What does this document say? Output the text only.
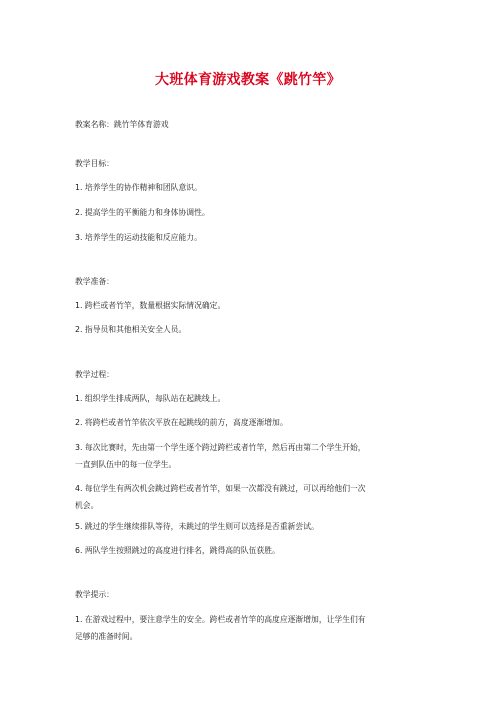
大班体育游戏教案《跳竹竿》
教案名称：跳竹竿体育游戏
教学目标：
1. 培养学生的协作精神和团队意识。
2. 提高学生的平衡能力和身体协调性。
3. 培养学生的运动技能和反应能力。
教学准备：
1. 跨栏或者竹竿，数量根据实际情况确定。
2. 指导员和其他相关安全人员。
教学过程：
1. 组织学生排成两队，每队站在起跳线上。
2. 将跨栏或者竹竿依次平放在起跳线的前方，高度逐渐增加。
3. 每次比赛时，先由第一个学生逐个跨过跨栏或者竹竿，然后再由第二个学生开始，
一直到队伍中的每一位学生。
4. 每位学生有两次机会跳过跨栏或者竹竿，如果一次都没有跳过，可以再给他们一次
机会。
5. 跳过的学生继续排队等待，未跳过的学生则可以选择是否重新尝试。
6. 两队学生按照跳过的高度进行排名，跳得高的队伍获胜。
教学提示：
1. 在游戏过程中，要注意学生的安全。跨栏或者竹竿的高度应逐渐增加，让学生们有
足够的准备时间。
